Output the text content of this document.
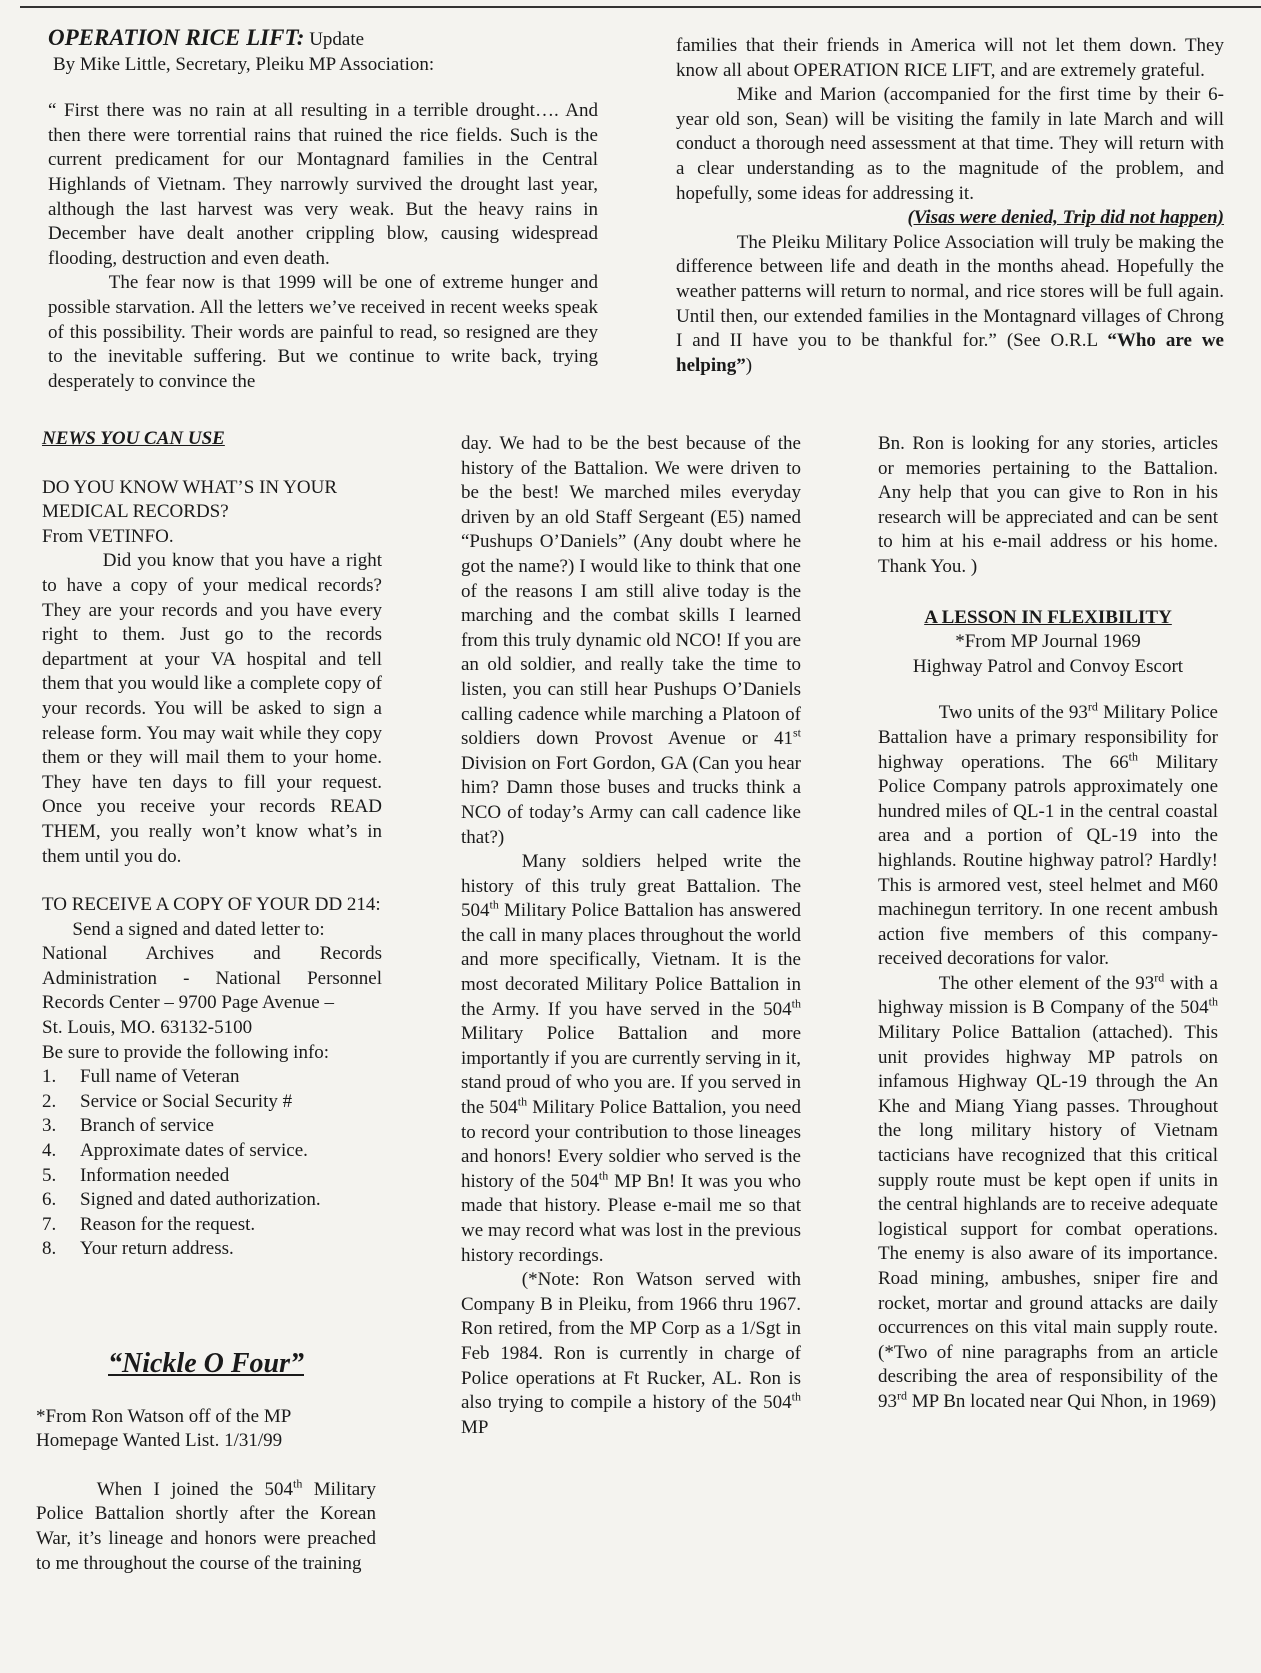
OPERATION RICE LIFT: Update

By Mike Little, Secretary, Pleiku MP Association:

“ First there was no rain at all resulting in a terrible drought…. And then there were torrential rains that ruined the rice fields. Such is the current predicament for our Montagnard families in the Central Highlands of Vietnam. They narrowly survived the drought last year, although the last harvest was very weak. But the heavy rains in December have dealt another crippling blow, causing widespread flooding, destruction and even death.

The fear now is that 1999 will be one of extreme hunger and possible starvation. All the letters we’ve received in recent weeks speak of this possibility. Their words are painful to read, so resigned are they to the inevitable suffering. But we continue to write back, trying desperately to convince the

families that their friends in America will not let them down. They know all about OPERATION RICE LIFT, and are extremely grateful.

Mike and Marion (accompanied for the first time by their 6-year old son, Sean) will be visiting the family in late March and will conduct a thorough need assessment at that time. They will return with a clear understanding as to the magnitude of the problem, and hopefully, some ideas for addressing it.

(Visas were denied, Trip did not happen)

The Pleiku Military Police Association will truly be making the difference between life and death in the months ahead. Hopefully the weather patterns will return to normal, and rice stores will be full again. Until then, our extended families in the Montagnard villages of Chrong I and II have you to be thankful for.” (See O.R.L “Who are we helping”)

NEWS YOU CAN USE

DO YOU KNOW WHAT’S IN YOUR MEDICAL RECORDS?

From VETINFO.

Did you know that you have a right to have a copy of your medical records? They are your records and you have every right to them. Just go to the records department at your VA hospital and tell them that you would like a complete copy of your records. You will be asked to sign a release form. You may wait while they copy them or they will mail them to your home. They have ten days to fill your request. Once you receive your records READ THEM, you really won’t know what’s in them until you do.

TO RECEIVE A COPY OF YOUR DD 214:

Send a signed and dated letter to:

National Archives and Records Administration - National Personnel Records Center – 9700 Page Avenue –

St. Louis, MO. 63132-5100

Be sure to provide the following info:

1. Full name of Veteran
2. Service or Social Security #
3. Branch of service
4. Approximate dates of service.
5. Information needed
6. Signed and dated authorization.
7. Reason for the request.
8. Your return address.

“Nickle O Four”

*From Ron Watson off of the MP Homepage Wanted List. 1/31/99

When I joined the 504th Military Police Battalion shortly after the Korean War, it’s lineage and honors were preached to me throughout the course of the training

day. We had to be the best because of the history of the Battalion. We were driven to be the best! We marched miles everyday driven by an old Staff Sergeant (E5) named “Pushups O’Daniels” (Any doubt where he got the name?) I would like to think that one of the reasons I am still alive today is the marching and the combat skills I learned from this truly dynamic old NCO! If you are an old soldier, and really take the time to listen, you can still hear Pushups O’Daniels calling cadence while marching a Platoon of soldiers down Provost Avenue or 41st Division on Fort Gordon, GA (Can you hear him? Damn those buses and trucks think a NCO of today’s Army can call cadence like that?)

Many soldiers helped write the history of this truly great Battalion. The 504th Military Police Battalion has answered the call in many places throughout the world and more specifically, Vietnam. It is the most decorated Military Police Battalion in the Army. If you have served in the 504th Military Police Battalion and more importantly if you are currently serving in it, stand proud of who you are. If you served in the 504th Military Police Battalion, you need to record your contribution to those lineages and honors! Every soldier who served is the history of the 504th MP Bn! It was you who made that history. Please e-mail me so that we may record what was lost in the previous history recordings.

(*Note: Ron Watson served with Company B in Pleiku, from 1966 thru 1967. Ron retired, from the MP Corp as a 1/Sgt in Feb 1984. Ron is currently in charge of Police operations at Ft Rucker, AL. Ron is also trying to compile a history of the 504th MP

Bn. Ron is looking for any stories, articles or memories pertaining to the Battalion. Any help that you can give to Ron in his research will be appreciated and can be sent to him at his e-mail address or his home. Thank You. )

A LESSON IN FLEXIBILITY

*From MP Journal 1969

Highway Patrol and Convoy Escort

Two units of the 93rd Military Police Battalion have a primary responsibility for highway operations. The 66th Military Police Company patrols approximately one hundred miles of QL-1 in the central coastal area and a portion of QL-19 into the highlands. Routine highway patrol? Hardly! This is armored vest, steel helmet and M60 machinegun territory. In one recent ambush action five members of this company-received decorations for valor.

The other element of the 93rd with a highway mission is B Company of the 504th Military Police Battalion (attached). This unit provides highway MP patrols on infamous Highway QL-19 through the An Khe and Miang Yiang passes. Throughout the long military history of Vietnam tacticians have recognized that this critical supply route must be kept open if units in the central highlands are to receive adequate logistical support for combat operations. The enemy is also aware of its importance. Road mining, ambushes, sniper fire and rocket, mortar and ground attacks are daily occurrences on this vital main supply route. (*Two of nine paragraphs from an article describing the area of responsibility of the 93rd MP Bn located near Qui Nhon, in 1969)
